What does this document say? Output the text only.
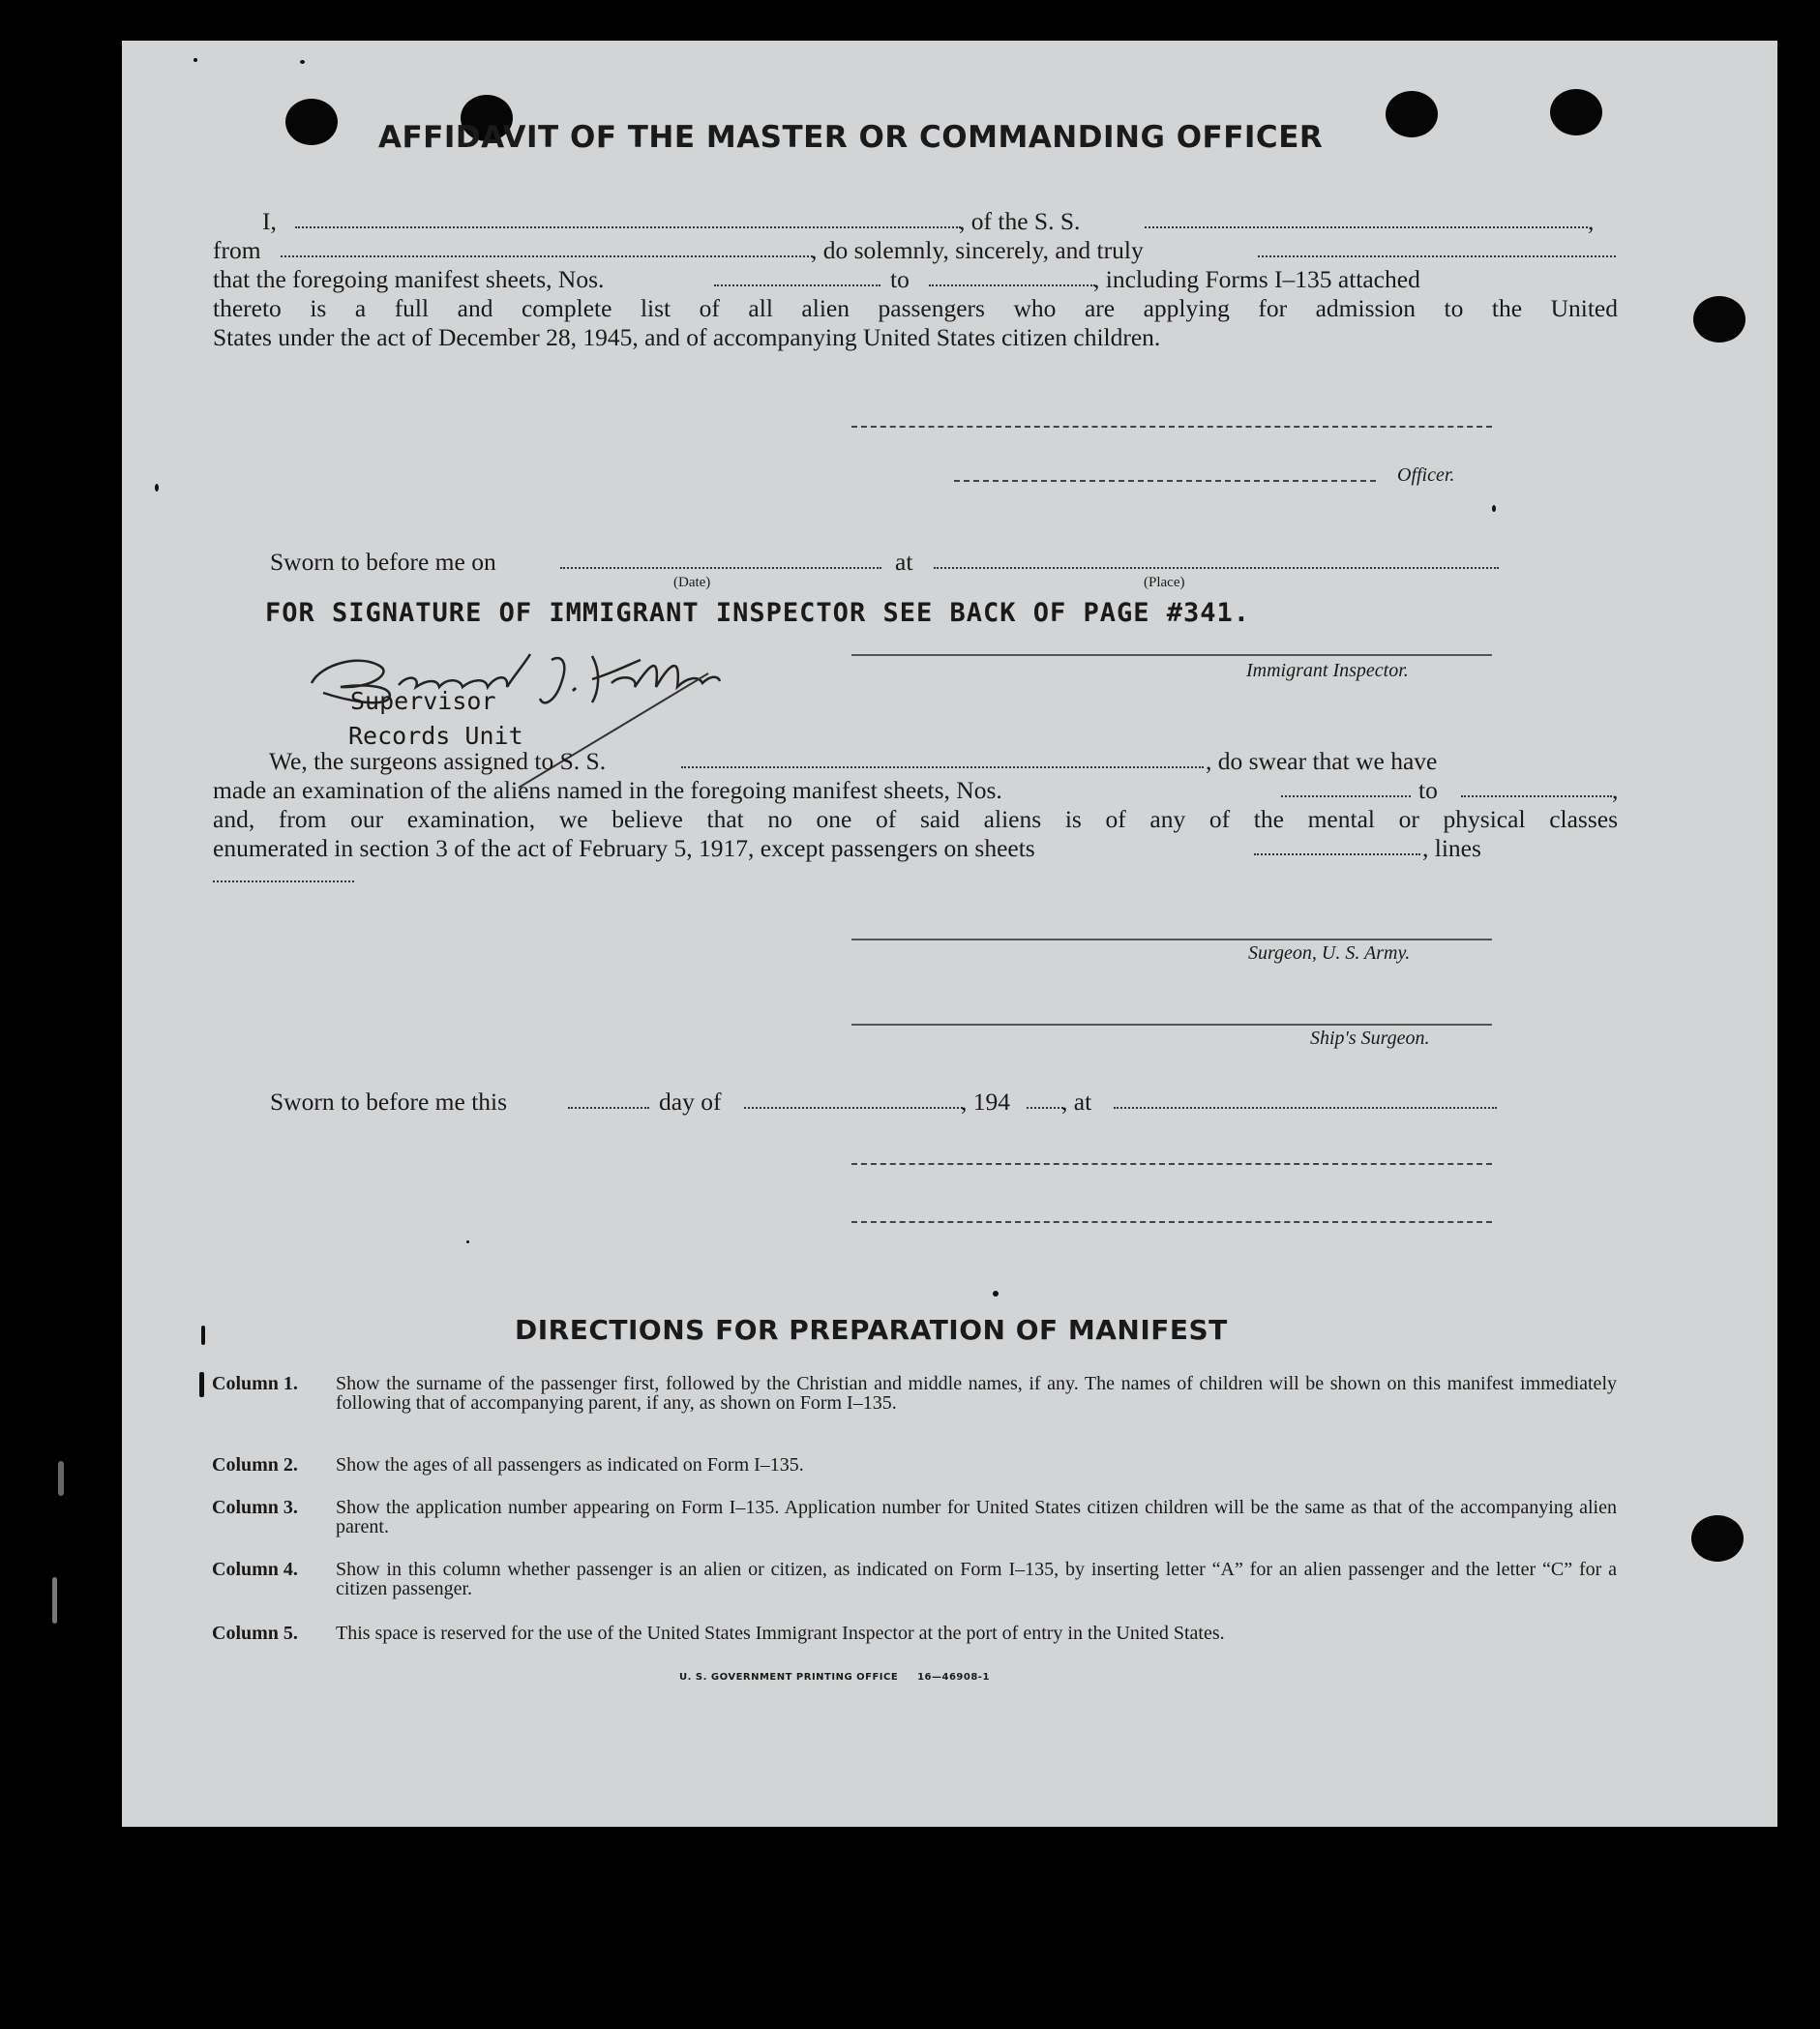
AFFIDAVIT OF THE MASTER OR COMMANDING OFFICER
I,	, of the S. S.	,
from	, do solemnly, sincerely, and truly
that the foregoing manifest sheets, Nos.	to	, including Forms I–135 attached
thereto is a full and complete list of all alien passengers who are applying for admission to the United
States under the act of December 28, 1945, and of accompanying United States citizen children.
Officer.
Sworn to before me on	at
(Date)	(Place)
FOR SIGNATURE OF IMMIGRANT INSPECTOR SEE BACK OF PAGE #341.
Immigrant Inspector.
Supervisor
Records Unit
We, the surgeons assigned to S. S.	, do swear that we have
made an examination of the aliens named in the foregoing manifest sheets, Nos.	to	,
and, from our examination, we believe that no one of said aliens is of any of the mental or physical classes
enumerated in section 3 of the act of February 5, 1917, except passengers on sheets	, lines
Surgeon, U. S. Army.
Ship's Surgeon.
Sworn to before me this	day of	, 194 , at
DIRECTIONS FOR PREPARATION OF MANIFEST
Column 1. Show the surname of the passenger first, followed by the Christian and middle names, if any. The names of children will be shown on this manifest immediately following that of accompanying parent, if any, as shown on Form I–135.
Column 2. Show the ages of all passengers as indicated on Form I–135.
Column 3. Show the application number appearing on Form I–135. Application number for United States citizen children will be the same as that of the accompanying alien parent.
Column 4. Show in this column whether passenger is an alien or citizen, as indicated on Form I–135, by inserting letter “A” for an alien passenger and the letter “C” for a citizen passenger.
Column 5. This space is reserved for the use of the United States Immigrant Inspector at the port of entry in the United States.
U. S. GOVERNMENT PRINTING OFFICE     16—46908-1
